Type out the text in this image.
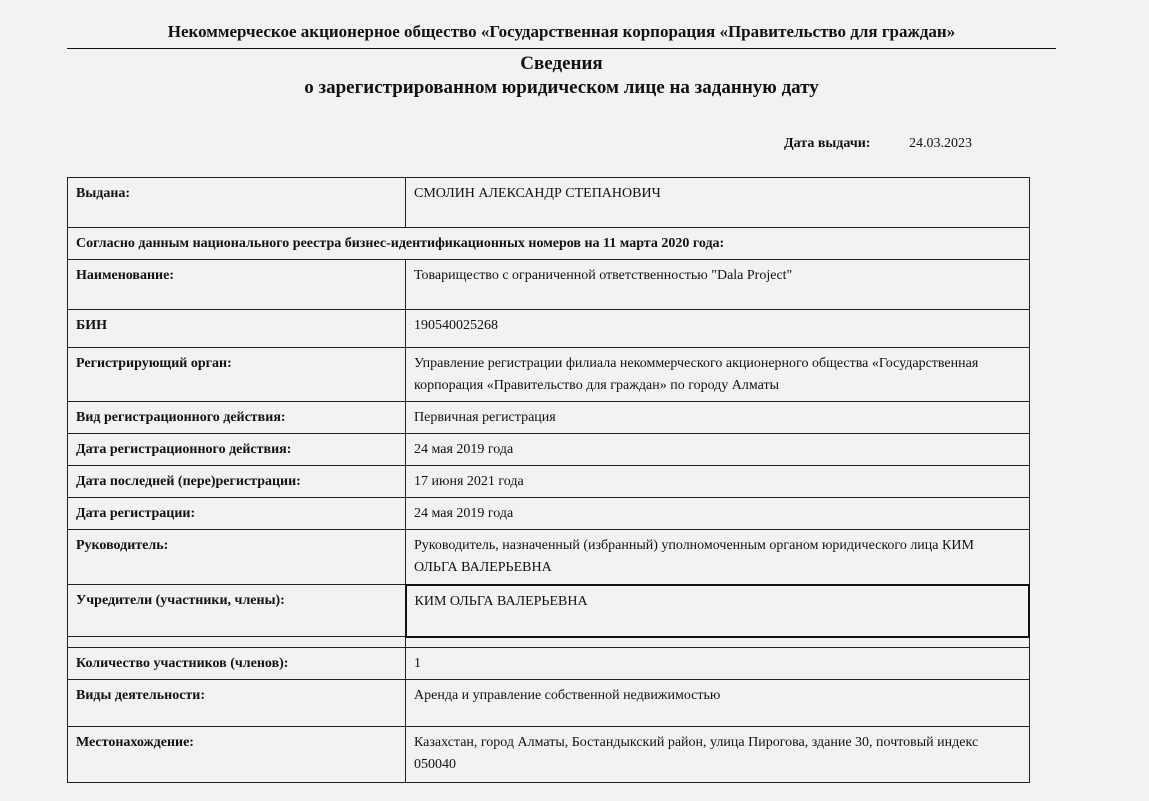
Некоммерческое акционерное общество «Государственная корпорация «Правительство для граждан»
Сведения
о зарегистрированном юридическом лице на заданную дату
Дата выдачи:	24.03.2023
Выдана:	СМОЛИН АЛЕКСАНДР СТЕПАНОВИЧ
Согласно данным национального реестра бизнес-идентификационных номеров на 11 марта 2020 года:	
Наименование:	Товарищество с ограниченной ответственностью "Dala Project"
БИН	190540025268
Регистрирующий орган:	Управление регистрации филиала некоммерческого акционерного общества «Государственная корпорация «Правительство для граждан» по городу Алматы
Вид регистрационного действия:	Первичная регистрация
Дата регистрационного действия:	24 мая 2019 года
Дата последней (пере)регистрации:	17 июня 2021 года
Дата регистрации:	24 мая 2019 года
Руководитель:	Руководитель, назначенный (избранный) уполномоченным органом юридического лица КИМ ОЛЬГА ВАЛЕРЬЕВНА
Учредители (участники, члены):	КИМ ОЛЬГА ВАЛЕРЬЕВНА

Количество участников (членов):	1
Виды деятельности:	Аренда и управление собственной недвижимостью
Местонахождение:	Казахстан, город Алматы, Бостандыкский район, улица Пирогова, здание 30, почтовый индекс 050040
